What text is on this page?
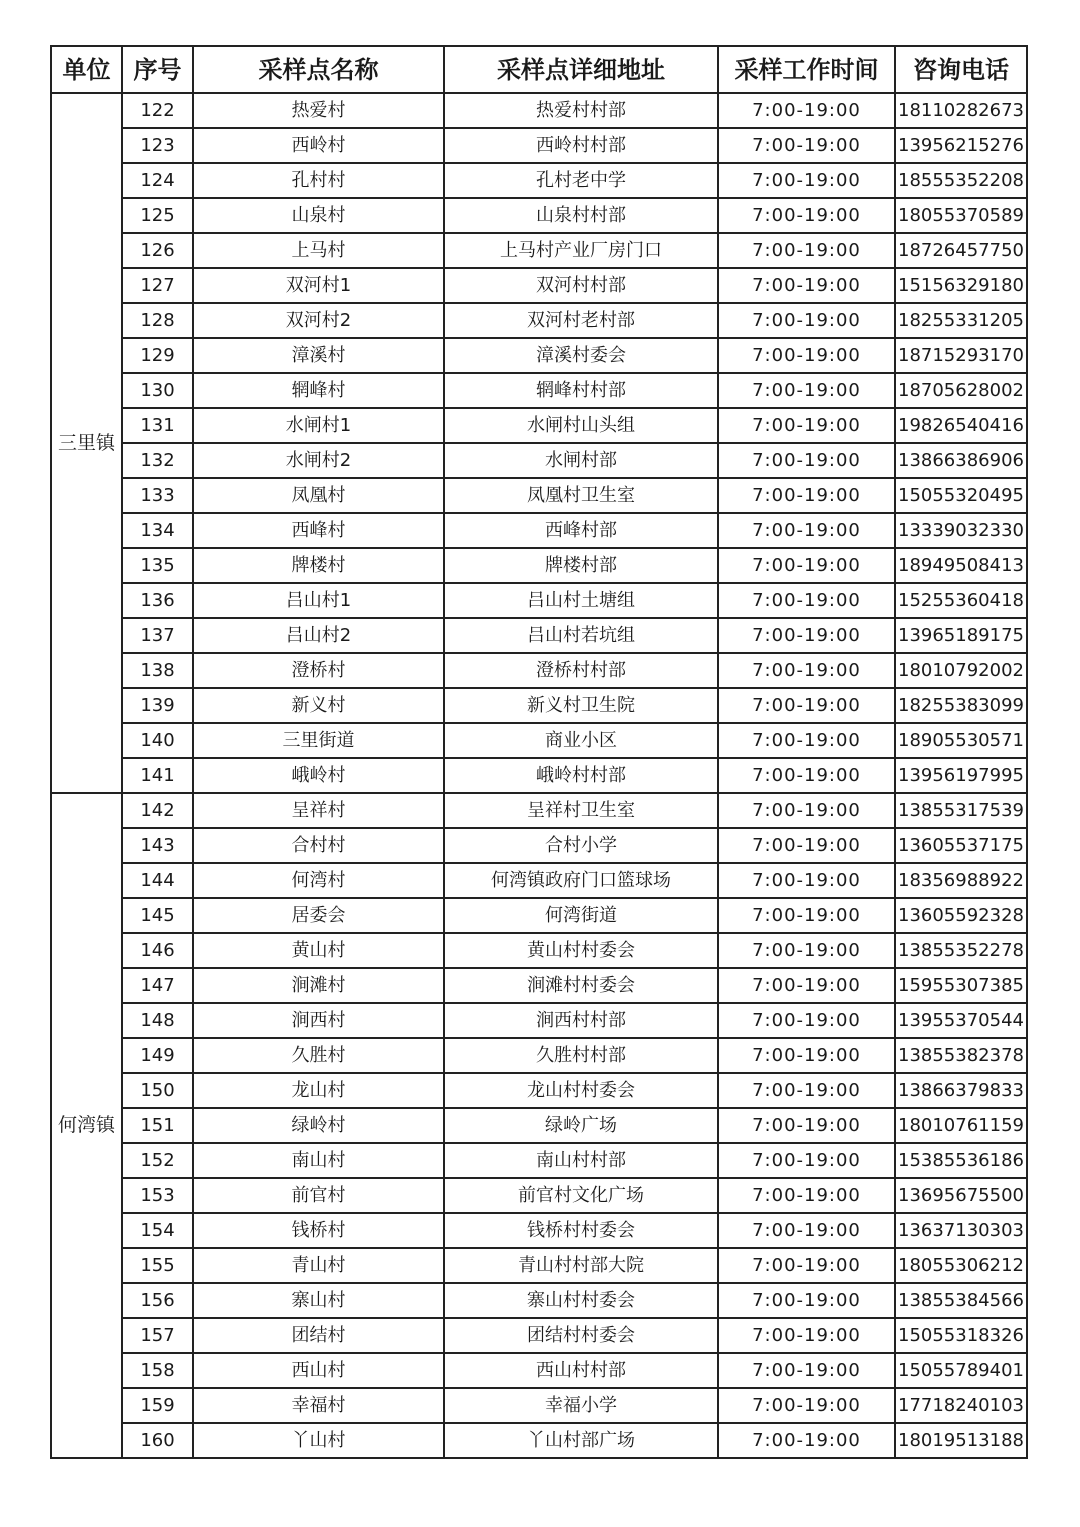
单位	序号	采样点名称	采样点详细地址	采样工作时间	咨询电话
三里镇	122	热爱村	热爱村村部	7:00-19:00	18110282673
	123	西岭村	西岭村村部	7:00-19:00	13956215276
	124	孔村村	孔村老中学	7:00-19:00	18555352208
	125	山泉村	山泉村村部	7:00-19:00	18055370589
	126	上马村	上马村产业厂房门口	7:00-19:00	18726457750
	127	双河村1	双河村村部	7:00-19:00	15156329180
	128	双河村2	双河村老村部	7:00-19:00	18255331205
	129	漳溪村	漳溪村委会	7:00-19:00	18715293170
	130	辋峰村	辋峰村村部	7:00-19:00	18705628002
	131	水闸村1	水闸村山头组	7:00-19:00	19826540416
	132	水闸村2	水闸村部	7:00-19:00	13866386906
	133	凤凰村	凤凰村卫生室	7:00-19:00	15055320495
	134	西峰村	西峰村部	7:00-19:00	13339032330
	135	牌楼村	牌楼村部	7:00-19:00	18949508413
	136	吕山村1	吕山村土塘组	7:00-19:00	15255360418
	137	吕山村2	吕山村若坑组	7:00-19:00	13965189175
	138	澄桥村	澄桥村村部	7:00-19:00	18010792002
	139	新义村	新义村卫生院	7:00-19:00	18255383099
	140	三里街道	商业小区	7:00-19:00	18905530571
	141	峨岭村	峨岭村村部	7:00-19:00	13956197995
何湾镇	142	呈祥村	呈祥村卫生室	7:00-19:00	13855317539
	143	合村村	合村小学	7:00-19:00	13605537175
	144	何湾村	何湾镇政府门口篮球场	7:00-19:00	18356988922
	145	居委会	何湾街道	7:00-19:00	13605592328
	146	黄山村	黄山村村委会	7:00-19:00	13855352278
	147	涧滩村	涧滩村村委会	7:00-19:00	15955307385
	148	涧西村	涧西村村部	7:00-19:00	13955370544
	149	久胜村	久胜村村部	7:00-19:00	13855382378
	150	龙山村	龙山村村委会	7:00-19:00	13866379833
	151	绿岭村	绿岭广场	7:00-19:00	18010761159
	152	南山村	南山村村部	7:00-19:00	15385536186
	153	前官村	前官村文化广场	7:00-19:00	13695675500
	154	钱桥村	钱桥村村委会	7:00-19:00	13637130303
	155	青山村	青山村村部大院	7:00-19:00	18055306212
	156	寨山村	寨山村村委会	7:00-19:00	13855384566
	157	团结村	团结村村委会	7:00-19:00	15055318326
	158	西山村	西山村村部	7:00-19:00	15055789401
	159	幸福村	幸福小学	7:00-19:00	17718240103
	160	丫山村	丫山村部广场	7:00-19:00	18019513188
